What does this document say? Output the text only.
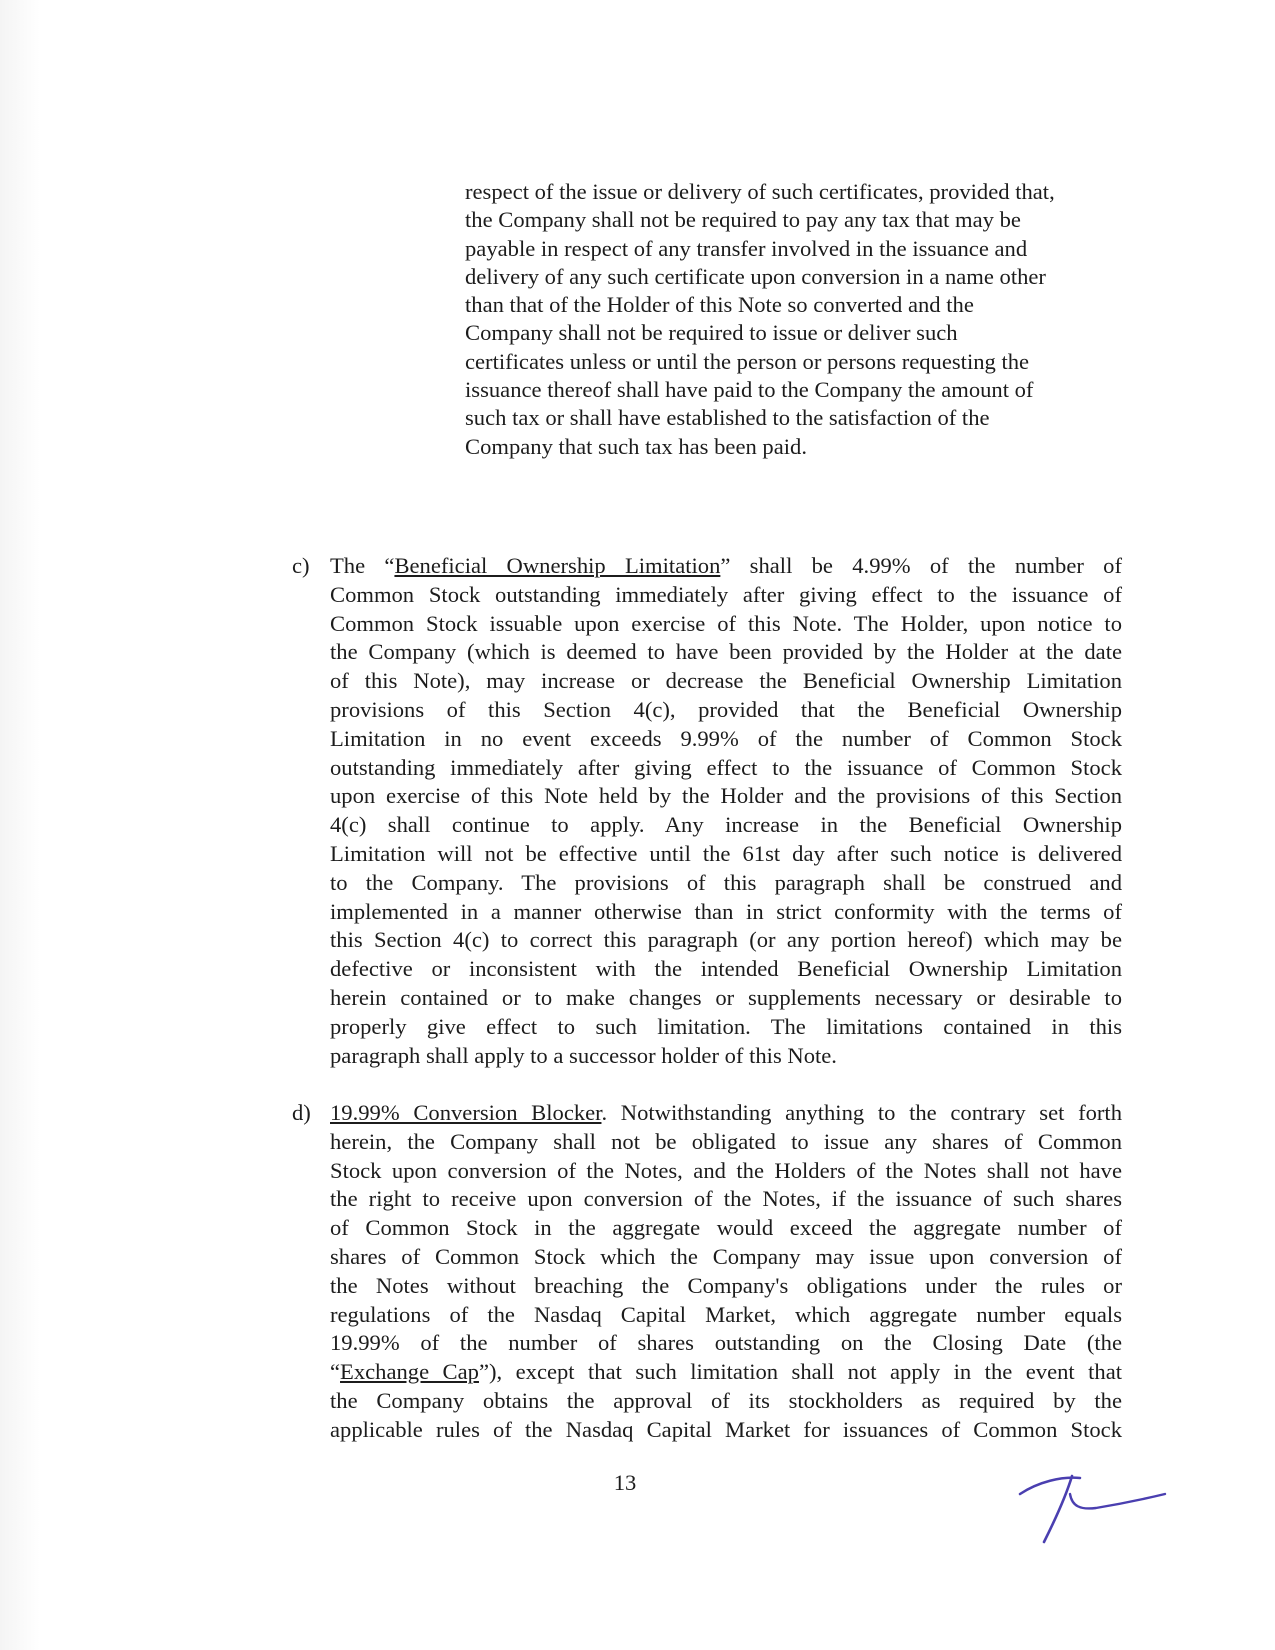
respect of the issue or delivery of such certificates, provided that,
the Company shall not be required to pay any tax that may be
payable in respect of any transfer involved in the issuance and
delivery of any such certificate upon conversion in a name other
than that of the Holder of this Note so converted and the
Company shall not be required to issue or deliver such
certificates unless or until the person or persons requesting the
issuance thereof shall have paid to the Company the amount of
such tax or shall have established to the satisfaction of the
Company that such tax has been paid.
c) The “Beneficial Ownership Limitation” shall be 4.99% of the number of
Common Stock outstanding immediately after giving effect to the issuance of
Common Stock issuable upon exercise of this Note. The Holder, upon notice to
the Company (which is deemed to have been provided by the Holder at the date
of this Note), may increase or decrease the Beneficial Ownership Limitation
provisions of this Section 4(c), provided that the Beneficial Ownership
Limitation in no event exceeds 9.99% of the number of Common Stock
outstanding immediately after giving effect to the issuance of Common Stock
upon exercise of this Note held by the Holder and the provisions of this Section
4(c) shall continue to apply. Any increase in the Beneficial Ownership
Limitation will not be effective until the 61st day after such notice is delivered
to the Company. The provisions of this paragraph shall be construed and
implemented in a manner otherwise than in strict conformity with the terms of
this Section 4(c) to correct this paragraph (or any portion hereof) which may be
defective or inconsistent with the intended Beneficial Ownership Limitation
herein contained or to make changes or supplements necessary or desirable to
properly give effect to such limitation. The limitations contained in this
paragraph shall apply to a successor holder of this Note.
d) 19.99% Conversion Blocker. Notwithstanding anything to the contrary set forth
herein, the Company shall not be obligated to issue any shares of Common
Stock upon conversion of the Notes, and the Holders of the Notes shall not have
the right to receive upon conversion of the Notes, if the issuance of such shares
of Common Stock in the aggregate would exceed the aggregate number of
shares of Common Stock which the Company may issue upon conversion of
the Notes without breaching the Company's obligations under the rules or
regulations of the Nasdaq Capital Market, which aggregate number equals
19.99% of the number of shares outstanding on the Closing Date (the
“Exchange Cap”), except that such limitation shall not apply in the event that
the Company obtains the approval of its stockholders as required by the
applicable rules of the Nasdaq Capital Market for issuances of Common Stock

13
